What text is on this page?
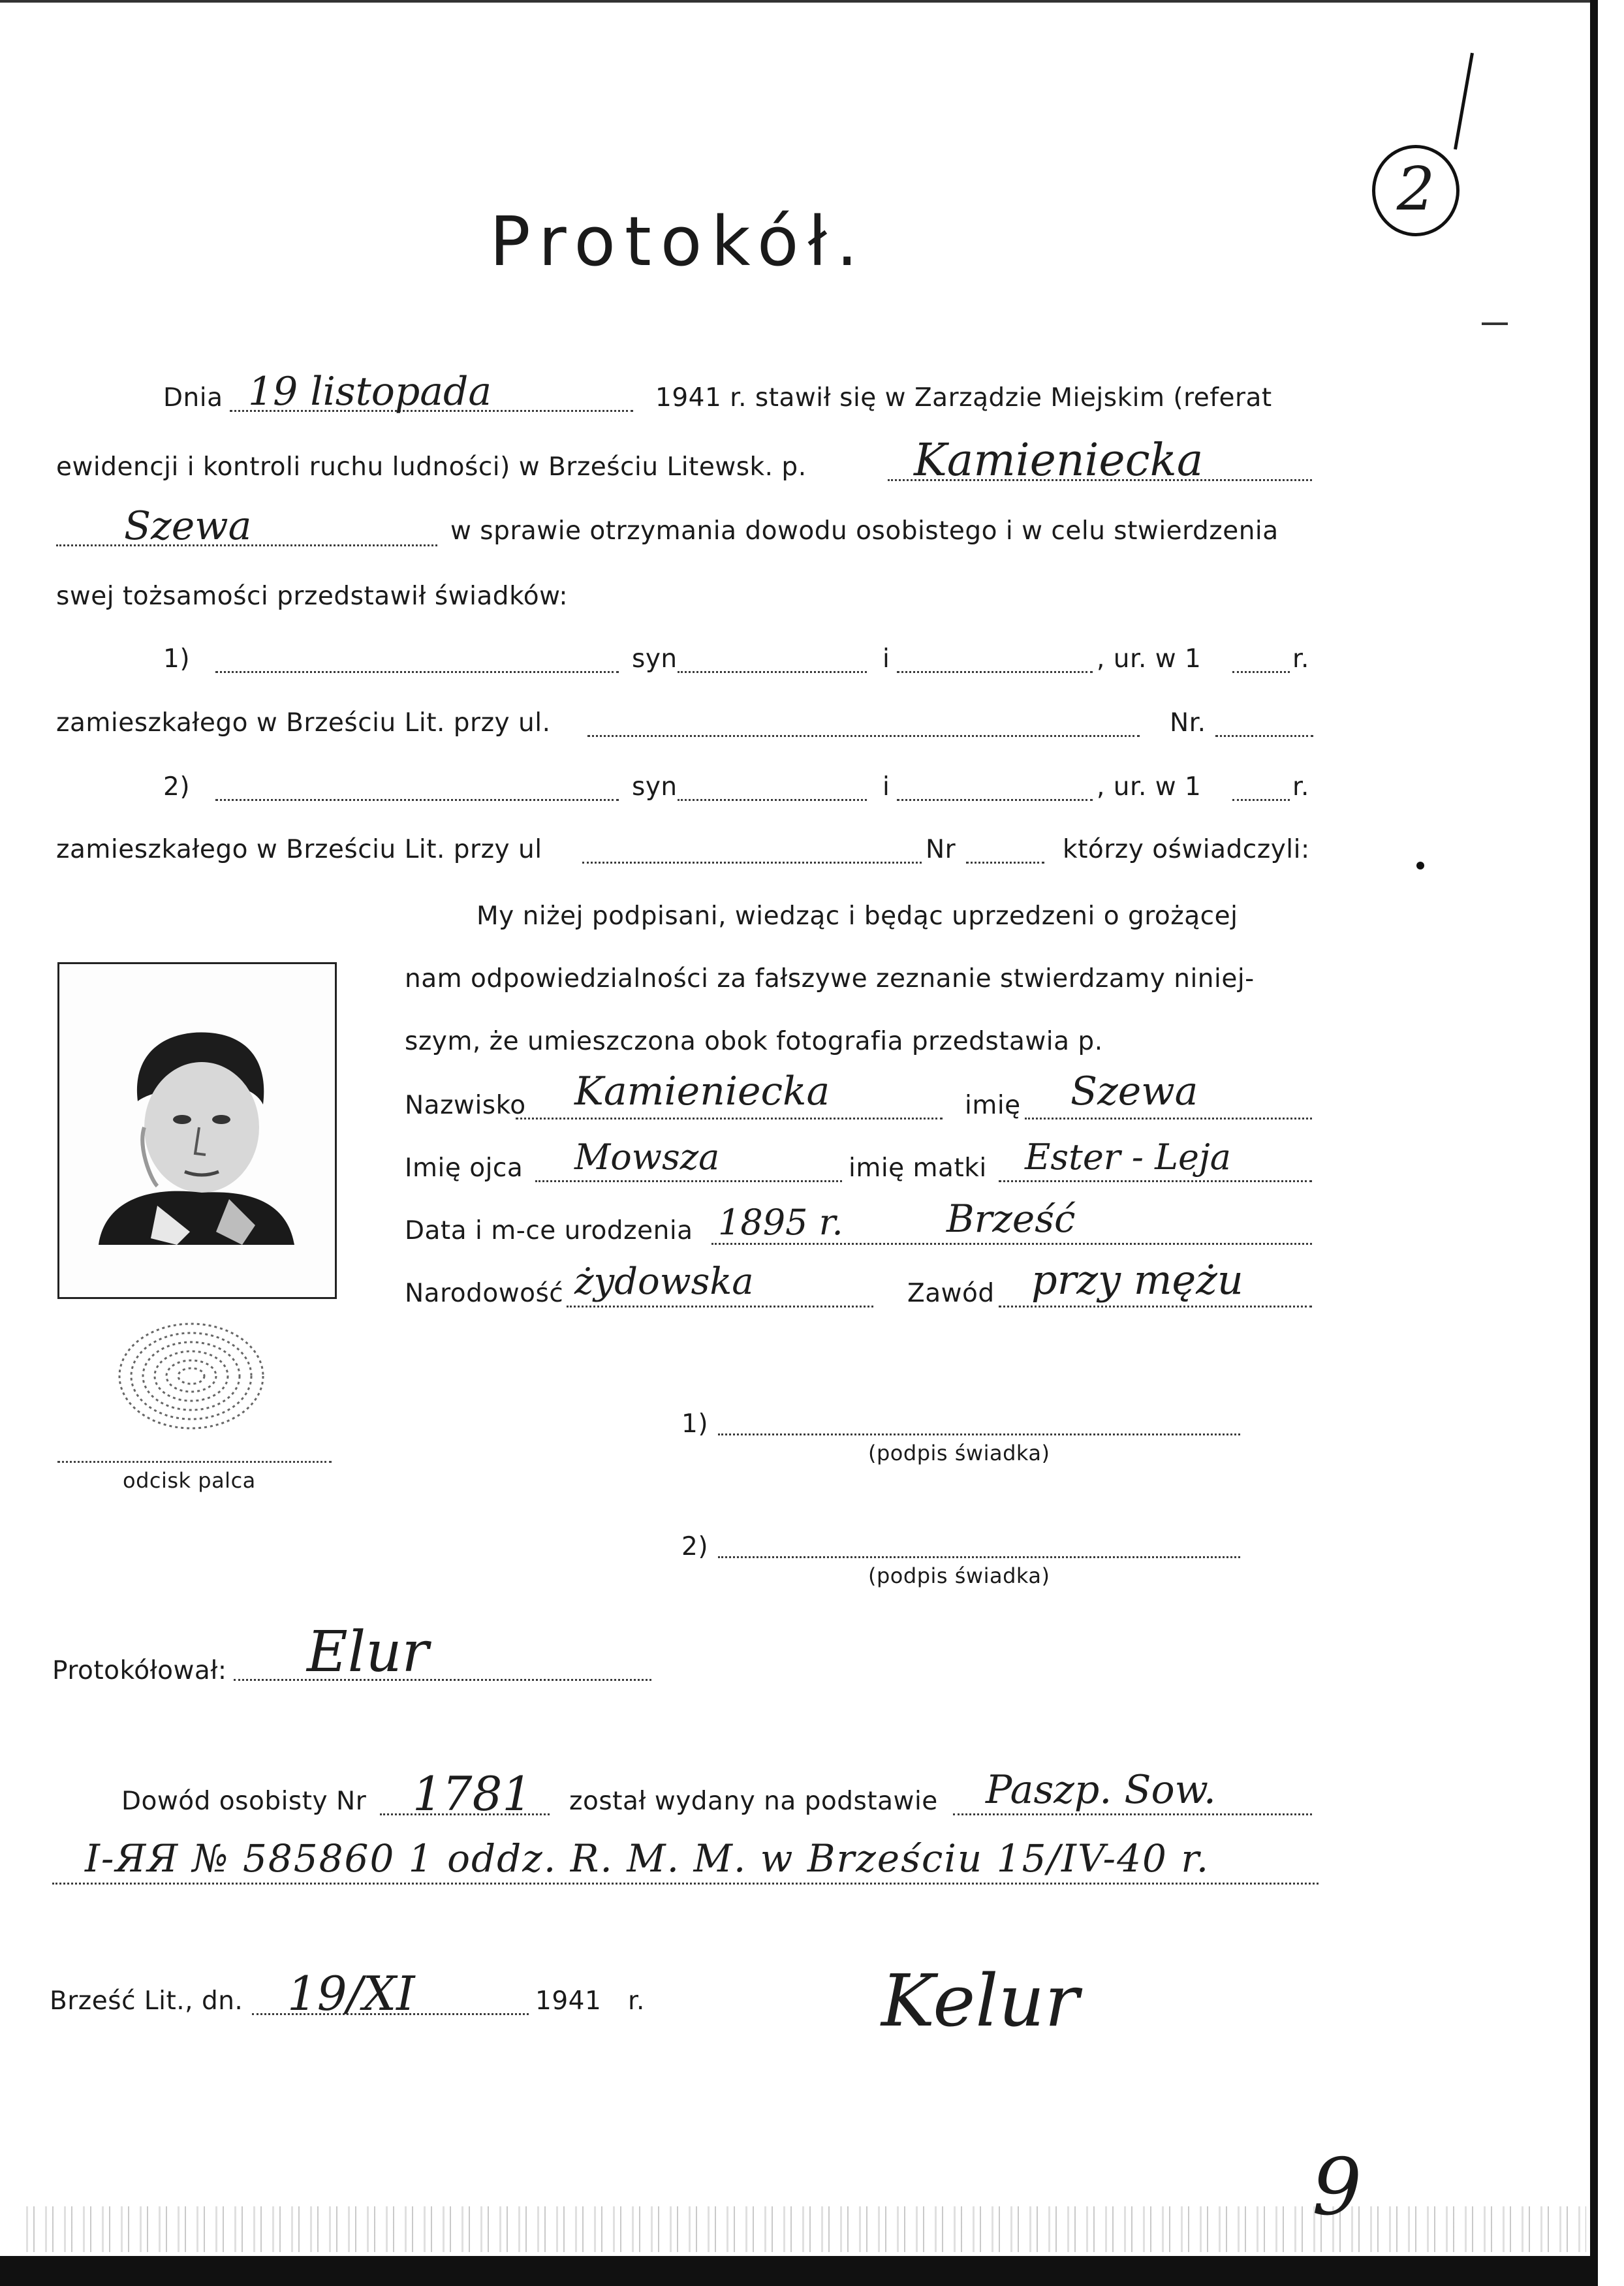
2
Protokół.
Dnia 19 listopada	1941 r. stawił się w Zarządzie Miejskim (referat
ewidencji i kontroli ruchu ludności) w Brześciu Litewsk. p. Kamieniecka
Szewa	w sprawie otrzymania dowodu osobistego i w celu stwierdzenia
swej tożsamości przedstawił świadków:
1)	syn	i	, ur. w 1	r.
zamieszkałego w Brześciu Lit. przy ul.	Nr.
2)	syn	i	, ur. w 1	r.
zamieszkałego w Brześciu Lit. przy ul	Nr	którzy oświadczyli:
My niżej podpisani, wiedząc i będąc uprzedzeni o grożącej
nam odpowiedzialności za fałszywe zeznanie stwierdzamy niniej-
szym, że umieszczona obok fotografia przedstawia p.
Nazwisko Kamieniecka	imię Szewa
Imię ojca Mowsza	imię matki Ester - Leja
Data i m-ce urodzenia 1895 r.	Brześć
Narodowość żydowska	Zawód przy mężu
odcisk palca
1)
(podpis świadka)
2)
(podpis świadka)
Protokółował: Elur
Dowód osobisty Nr 1781 został wydany na podstawie Paszp. Sow.
I-ЯЯ № 585860 1 oddz. R. M. M. w Brześciu 15/IV-40 r.
Brześć Lit., dn. 19/XI	1941 r.	Kelur
9
